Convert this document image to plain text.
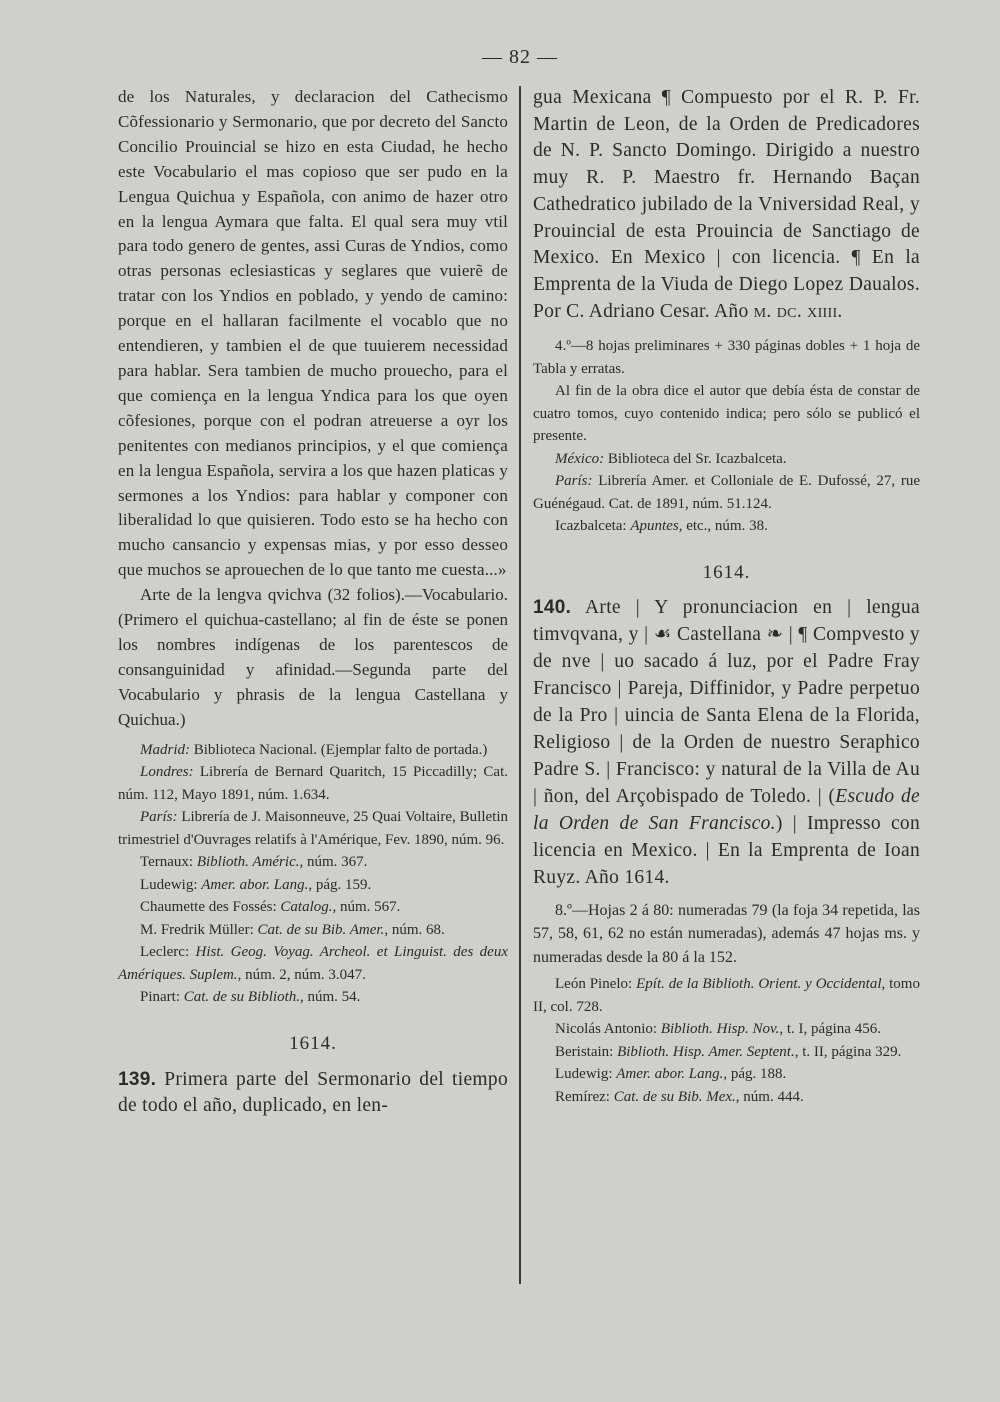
— 82 —

de los Naturales, y declaracion del Cathecismo Cõfessionario y Sermonario, que por decreto del Sancto Concilio Prouincial se hizo en esta Ciudad, he hecho este Vocabulario el mas copioso que ser pudo en la Lengua Quichua y Española, con animo de hazer otro en la lengua Aymara que falta. El qual sera muy vtil para todo genero de gentes, assi Curas de Yndios, como otras personas eclesiasticas y seglares que vuierẽ de tratar con los Yndios en poblado, y yendo de camino: porque en el hallaran facilmente el vocablo que no entendieren, y tambien el de que tuuierem necessidad para hablar. Sera tambien de mucho prouecho, para el que comiença en la lengua Yndica para los que oyen cõfesiones, porque con el podran atreuerse a oyr los penitentes con medianos principios, y el que comiença en la lengua Española, servira a los que hazen platicas y sermones a los Yndios: para hablar y componer con liberalidad lo que quisieren. Todo esto se ha hecho con mucho cansancio y expensas mias, y por esso desseo que muchos se aprouechen de lo que tanto me cuesta...»

Arte de la lengva qvichva (32 folios).—Vocabulario. (Primero el quichua-castellano; al fin de éste se ponen los nombres indígenas de los parentescos de consanguinidad y afinidad.—Segunda parte del Vocabulario y phrasis de la lengua Castellana y Quichua.)

Madrid: Biblioteca Nacional. (Ejemplar falto de portada.)

Londres: Librería de Bernard Quaritch, 15 Piccadilly; Cat. núm. 112, Mayo 1891, núm. 1.634.

París: Librería de J. Maisonneuve, 25 Quai Voltaire, Bulletin trimestriel d'Ouvrages relatifs à l'Amérique, Fev. 1890, núm. 96.

Ternaux: Biblioth. Améric., núm. 367.

Ludewig: Amer. abor. Lang., pág. 159.

Chaumette des Fossés: Catalog., núm. 567.

M. Fredrik Müller: Cat. de su Bib. Amer., núm. 68.

Leclerc: Hist. Geog. Voyag. Archeol. et Linguist. des deux Amériques. Suplem., núm. 2, núm. 3.047.

Pinart: Cat. de su Biblioth., núm. 54.

1614.

139. Primera parte del Sermonario del tiempo de todo el año, duplicado, en len-

gua Mexicana ¶ Compuesto por el R. P. Fr. Martin de Leon, de la Orden de Predicadores de N. P. Sancto Domingo. Dirigido a nuestro muy R. P. Maestro fr. Hernando Baçan Cathedratico jubilado de la Vniversidad Real, y Prouincial de esta Prouincia de Sanctiago de Mexico. En Mexico | con licencia. ¶ En la Emprenta de la Viuda de Diego Lopez Daualos. Por C. Adriano Cesar. Año m. dc. xiiii.

4.º—8 hojas preliminares + 330 páginas dobles + 1 hoja de Tabla y erratas.

Al fin de la obra dice el autor que debía ésta de constar de cuatro tomos, cuyo contenido indica; pero sólo se publicó el presente.

México: Biblioteca del Sr. Icazbalceta.

París: Librería Amer. et Colloniale de E. Dufossé, 27, rue Guénégaud. Cat. de 1891, núm. 51.124.

Icazbalceta: Apuntes, etc., núm. 38.

1614.

140. Arte | Y pronunciacion en | lengua timvqvana, y | ☙ Castellana ❧ | ¶ Compvesto y de nve | uo sacado á luz, por el Padre Fray Francisco | Pareja, Diffinidor, y Padre perpetuo de la Pro | uincia de Santa Elena de la Florida, Religioso | de la Orden de nuestro Seraphico Padre S. | Francisco: y natural de la Villa de Au | ñon, del Arçobispado de Toledo. | (Escudo de la Orden de San Francisco.) | Impresso con licencia en Mexico. | En la Emprenta de Ioan Ruyz. Año 1614.

8.º—Hojas 2 á 80: numeradas 79 (la foja 34 repetida, las 57, 58, 61, 62 no están numeradas), además 47 hojas ms. y numeradas desde la 80 á la 152.

León Pinelo: Epít. de la Biblioth. Orient. y Occidental, tomo II, col. 728.

Nicolás Antonio: Biblioth. Hisp. Nov., t. I, página 456.

Beristain: Biblioth. Hisp. Amer. Septent., t. II, página 329.

Ludewig: Amer. abor. Lang., pág. 188.

Remírez: Cat. de su Bib. Mex., núm. 444.
